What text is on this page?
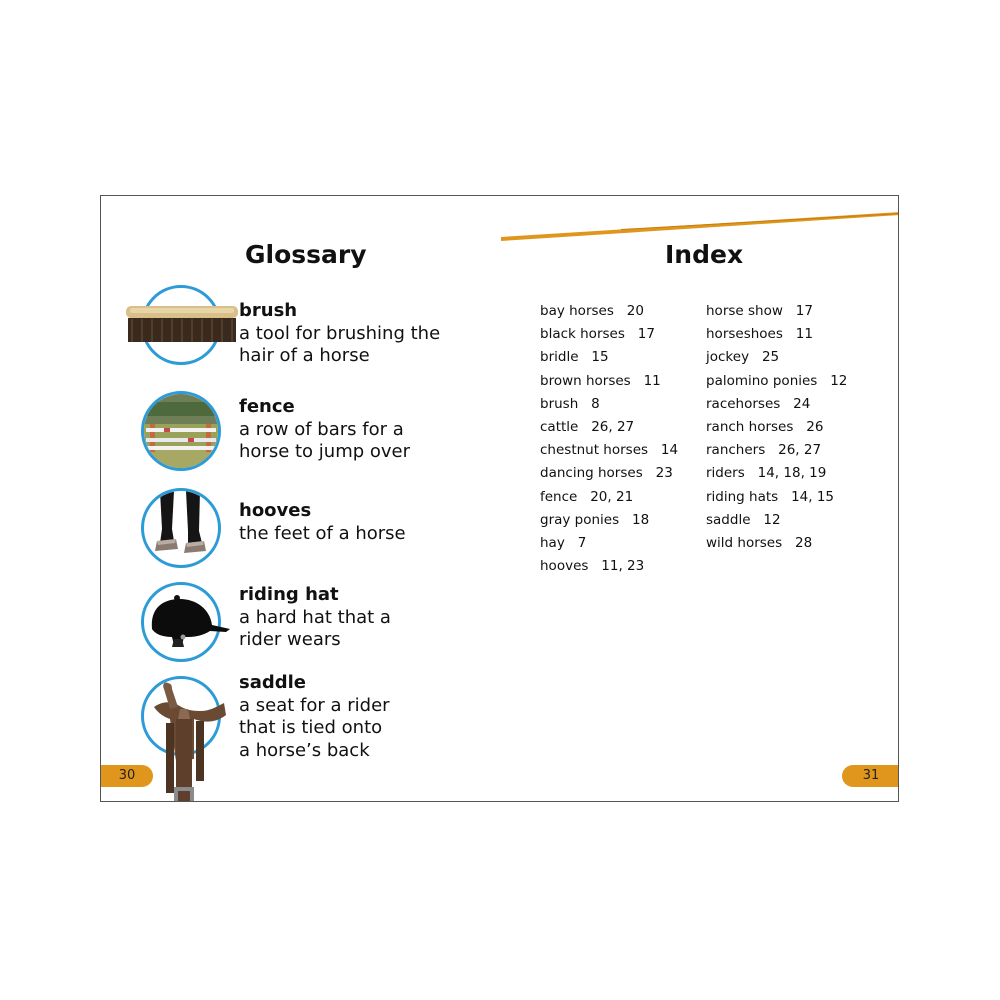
Glossary
brush
a tool for brushing the
hair of a horse
fence
a row of bars for a
horse to jump over
hooves
the feet of a horse
riding hat
a hard hat that a
rider wears
saddle
a seat for a rider
that is tied onto
a horse’s back
30
Index
bay horses   20
black horses   17
bridle   15
brown horses   11
brush   8
cattle   26, 27
chestnut horses   14
dancing horses   23
fence   20, 21
gray ponies   18
hay   7
hooves   11, 23
horse show   17
horseshoes   11
jockey   25
palomino ponies   12
racehorses   24
ranch horses   26
ranchers   26, 27
riders   14, 18, 19
riding hats   14, 15
saddle   12
wild horses   28
31
